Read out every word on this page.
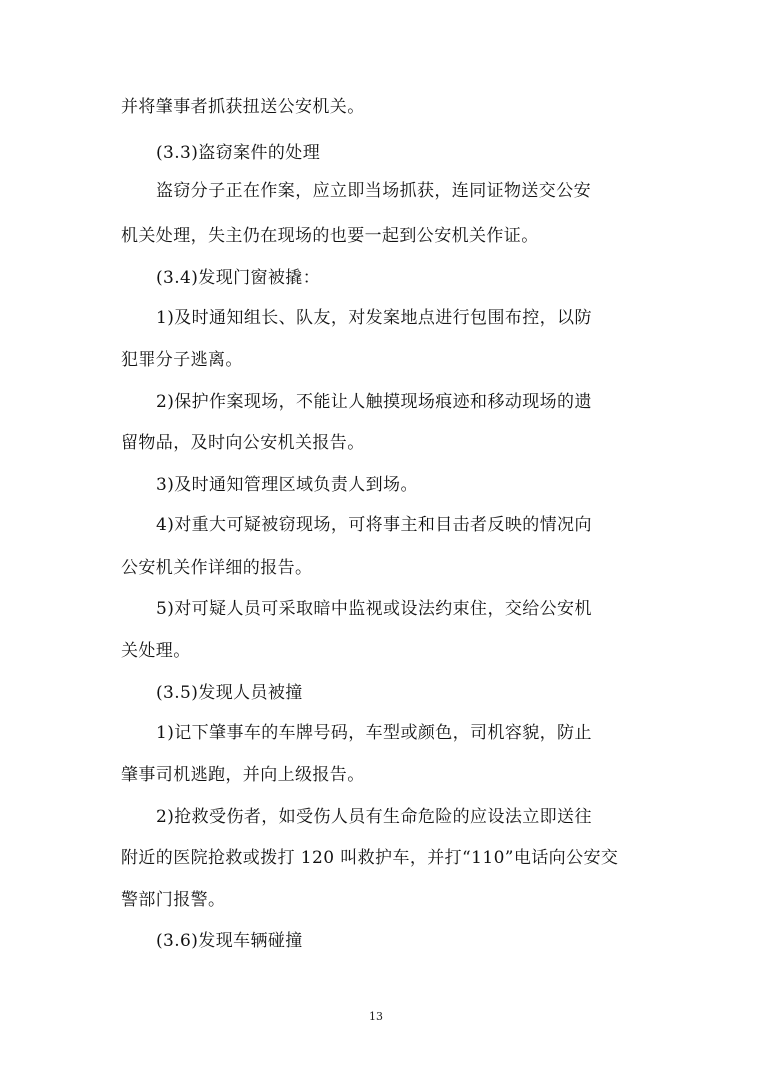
并将肇事者抓获扭送公安机关。
(3.3)盗窃案件的处理
盗窃分子正在作案，应立即当场抓获，连同证物送交公安
机关处理，失主仍在现场的也要一起到公安机关作证。
(3.4)发现门窗被撬：
1)及时通知组长、队友，对发案地点进行包围布控，以防
犯罪分子逃离。
2)保护作案现场，不能让人触摸现场痕迹和移动现场的遗
留物品，及时向公安机关报告。
3)及时通知管理区域负责人到场。
4)对重大可疑被窃现场，可将事主和目击者反映的情况向
公安机关作详细的报告。
5)对可疑人员可采取暗中监视或设法约束住，交给公安机
关处理。
(3.5)发现人员被撞
1)记下肇事车的车牌号码，车型或颜色，司机容貌，防止
肇事司机逃跑，并向上级报告。
2)抢救受伤者，如受伤人员有生命危险的应设法立即送往
附近的医院抢救或拨打 120 叫救护车，并打“110”电话向公安交
警部门报警。
(3.6)发现车辆碰撞
13
